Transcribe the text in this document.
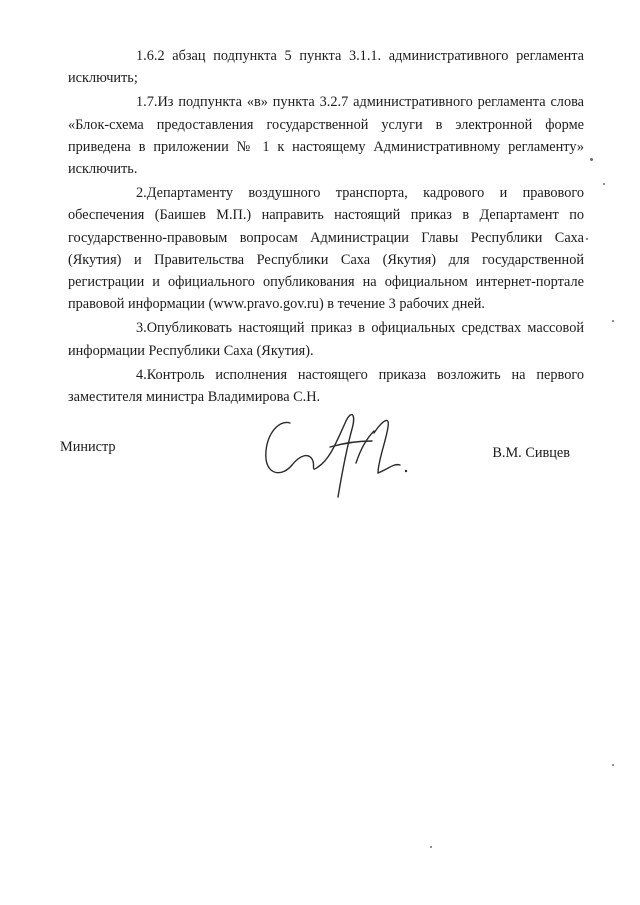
1.6.2 абзац подпункта 5 пункта 3.1.1. административного регламента исключить;

1.7.Из подпункта «в» пункта 3.2.7 административного регламента слова «Блок-схема предоставления государственной услуги в электронной форме приведена в приложении № 1 к настоящему Административному регламенту» исключить.

2.Департаменту воздушного транспорта, кадрового и правового обеспечения (Баишев М.П.) направить настоящий приказ в Департамент по государственно-правовым вопросам Администрации Главы Республики Саха (Якутия) и Правительства Республики Саха (Якутия) для государственной регистрации и официального опубликования на официальном интернет-портале правовой информации (www.pravo.gov.ru) в течение 3 рабочих дней.

3.Опубликовать настоящий приказ в официальных средствах массовой информации Республики Саха (Якутия).

4.Контроль исполнения настоящего приказа возложить на первого заместителя министра Владимирова С.Н.

Министр	В.М. Сивцев
